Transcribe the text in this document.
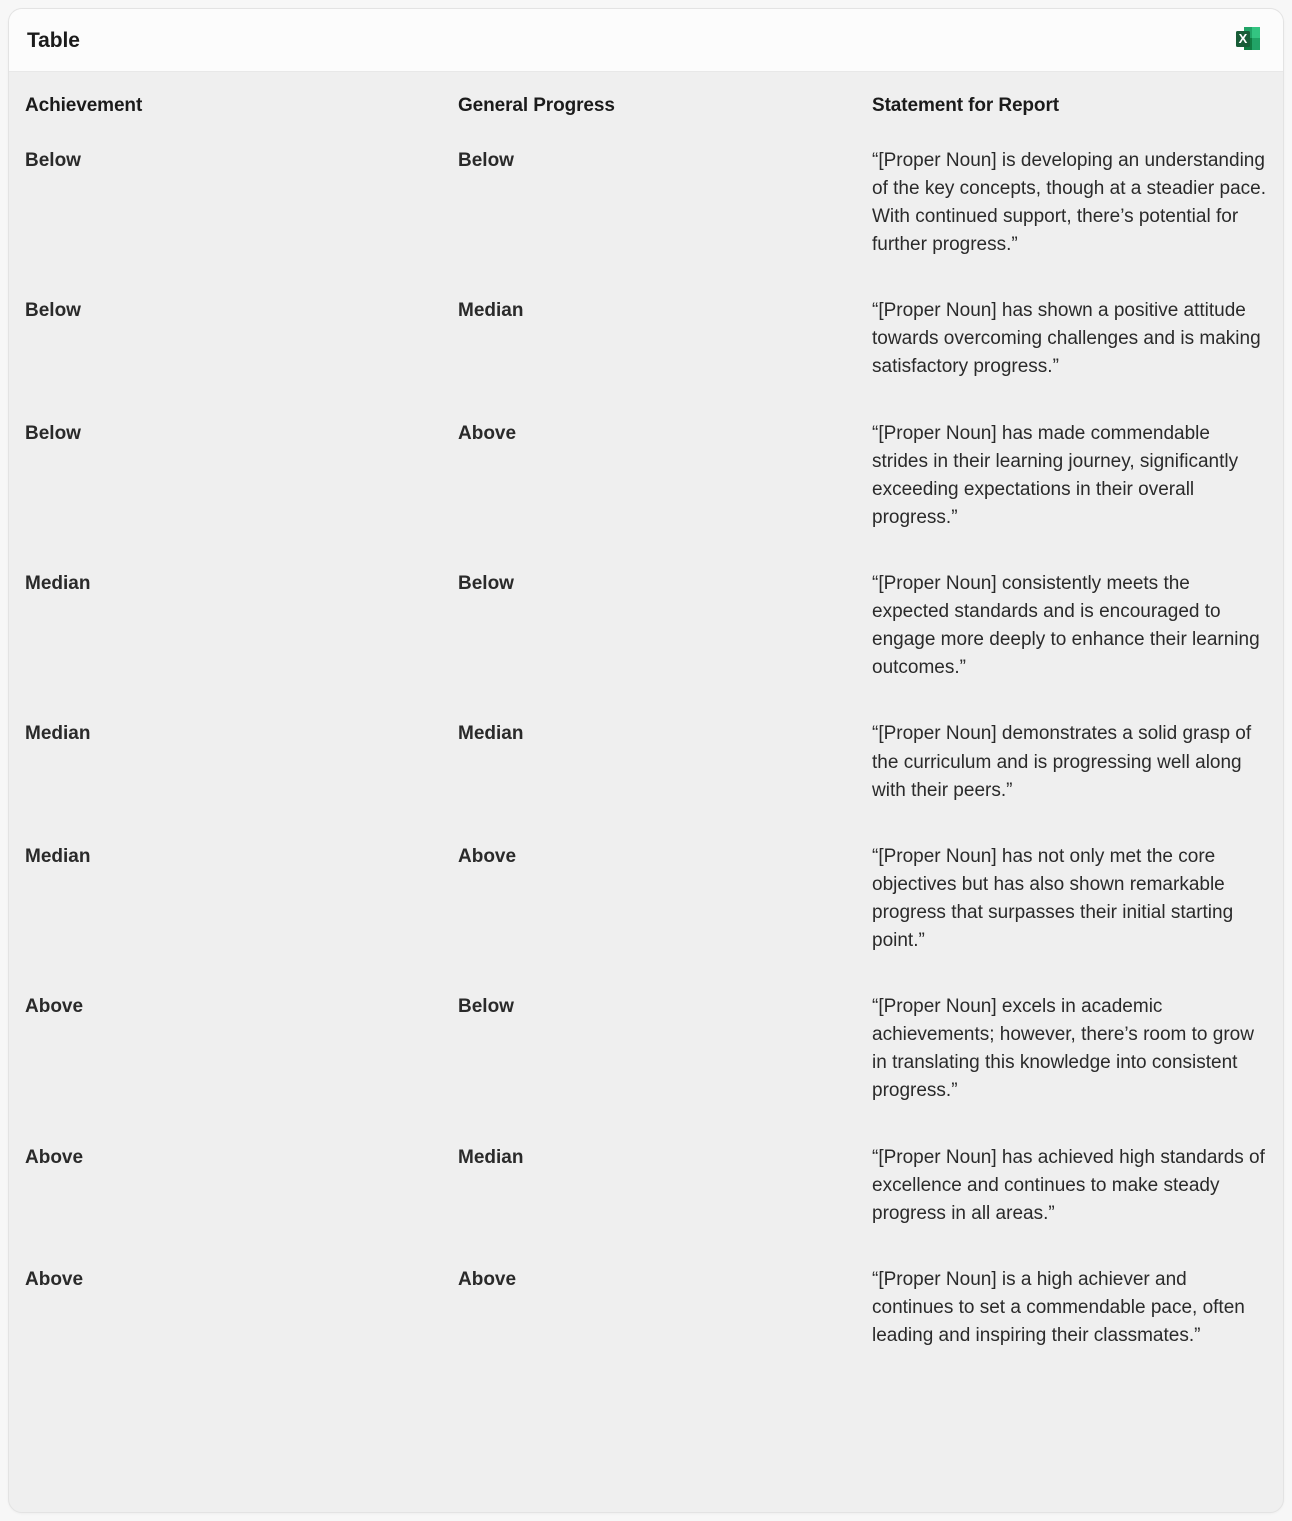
Table	X
Achievement	General Progress	Statement for Report
Below	Below	“[Proper Noun] is developing an understanding of the key concepts, though at a steadier pace. With continued support, there’s potential for further progress.”
Below	Median	“[Proper Noun] has shown a positive attitude towards overcoming challenges and is making satisfactory progress.”
Below	Above	“[Proper Noun] has made commendable strides in their learning journey, significantly exceeding expectations in their overall progress.”
Median	Below	“[Proper Noun] consistently meets the expected standards and is encouraged to engage more deeply to enhance their learning outcomes.”
Median	Median	“[Proper Noun] demonstrates a solid grasp of the curriculum and is progressing well along with their peers.”
Median	Above	“[Proper Noun] has not only met the core objectives but has also shown remarkable progress that surpasses their initial starting point.”
Above	Below	“[Proper Noun] excels in academic achievements; however, there’s room to grow in translating this knowledge into consistent progress.”
Above	Median	“[Proper Noun] has achieved high standards of excellence and continues to make steady progress in all areas.”
Above	Above	“[Proper Noun] is a high achiever and continues to set a commendable pace, often leading and inspiring their classmates.”
